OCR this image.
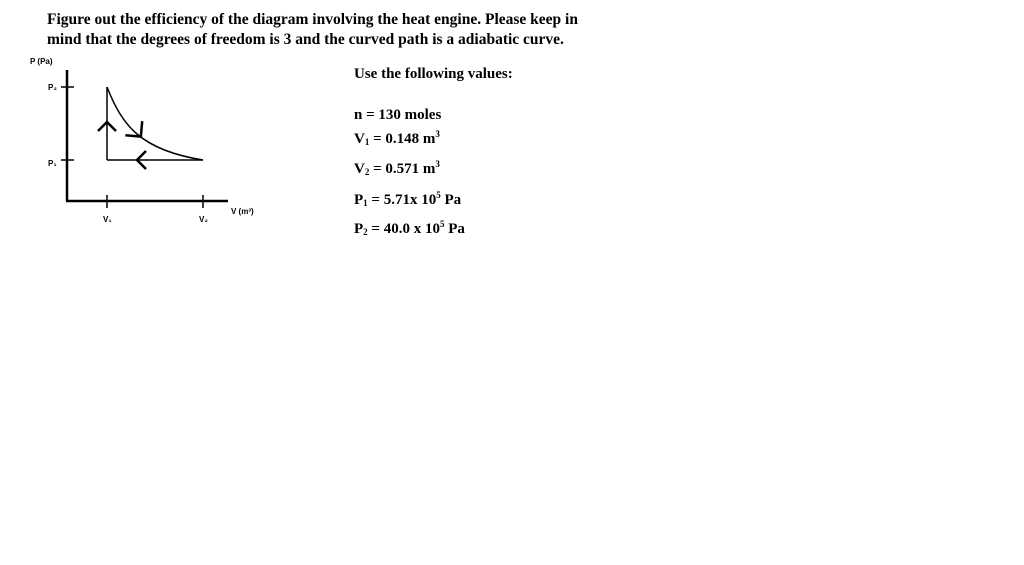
Figure out the efficiency of the diagram involving the heat engine. Please keep in
mind that the degrees of freedom is 3 and the curved path is a adiabatic curve.
P (Pa)
V (m³)
P₂
P₁
V₁	V₂
Use the following values:
n = 130 moles
$V_1 = 0.148$ $m^3$
$V_2 = 0.571$ $m^3$
$P_1 = 5.71x$ $10^5$ Pa
$P_2 = 40.0$ x $10^5$ Pa
